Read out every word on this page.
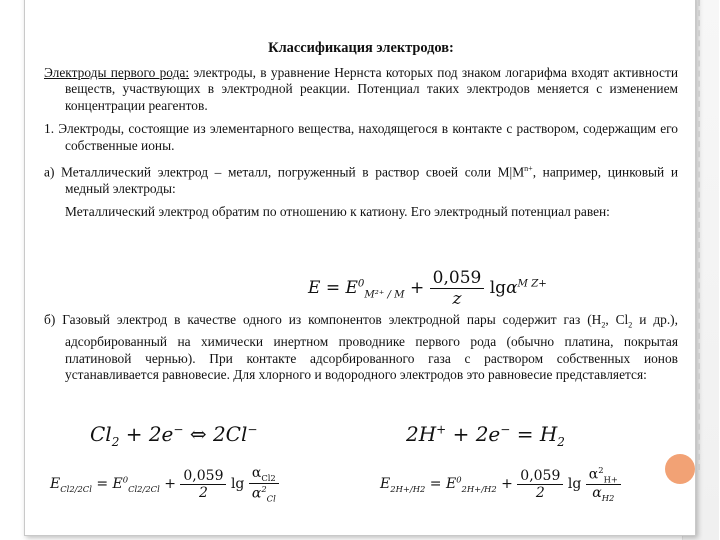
Классификация электродов:

Электроды первого рода: электроды, в уравнение Нернста которых под знаком логарифма входят активности веществ, участвующих в электродной реакции. Потенциал таких электродов меняется с изменением концентрации реагентов.

1. Электроды, состоящие из элементарного вещества, находящегося в контакте с раствором, содержащим его собственные ионы.

а) Металлический электрод – металл, погруженный в раствор своей соли $М|М^{n+}$, например, цинковый и медный электроды:

Металлический электрод обратим по отношению к катиону. Его электродный потенциал равен:

$E = E^0_{M^{2+} / M} + \frac{0,059}{z} \lg\alpha^{M Z+}$

б) Газовый электрод в качестве одного из компонентов электродной пары содержит газ ($H_2$, $Cl_2$ и др.), адсорбированный на химически инертном проводнике первого рода (обычно платина, покрытая платиновой чернью). При контакте адсорбированного газа с раствором собственных ионов устанавливается равновесие. Для хлорного и водородного электродов это равновесие представляется:

$Cl_2 + 2e^-$ ⇔ 2Cl−	$2H^+ + 2e^- = H_2$
$E_{Cl2/2Cl} = E^0_{Cl2/2Cl} + \frac{0,059}{2}$ $\lg \frac{\alpha_{Cl2}}{\alpha^2_{Cl}}$	$E_{2H+/H2} = E^0_{2H+/H2} + \frac{0,059}{2}$ $\lg \frac{\alpha^2_{H+}}{\alpha_{H2}}$
